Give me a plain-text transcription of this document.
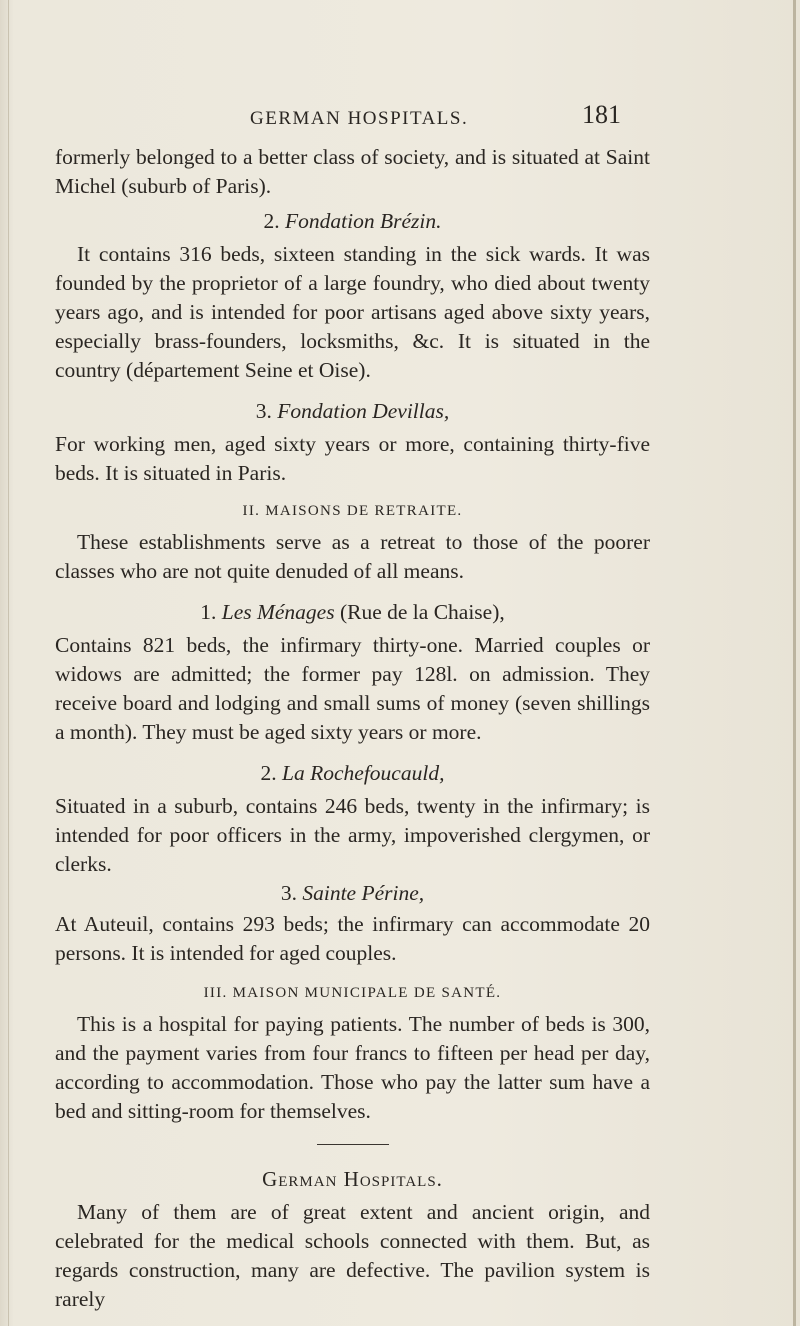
GERMAN HOSPITALS.	181

formerly belonged to a better class of society, and is situated at Saint Michel (suburb of Paris).

2. Fondation Brézin.

It contains 316 beds, sixteen standing in the sick wards. It was founded by the proprietor of a large foundry, who died about twenty years ago, and is intended for poor artisans aged above sixty years, especially brass-founders, locksmiths, &c. It is situated in the country (département Seine et Oise).

3. Fondation Devillas,

For working men, aged sixty years or more, containing thirty-five beds. It is situated in Paris.

II. MAISONS DE RETRAITE.

These establishments serve as a retreat to those of the poorer classes who are not quite denuded of all means.

1. Les Ménages (Rue de la Chaise),

Contains 821 beds, the infirmary thirty-one. Married couples or widows are admitted; the former pay 128l. on admission. They receive board and lodging and small sums of money (seven shillings a month). They must be aged sixty years or more.

2. La Rochefoucauld,

Situated in a suburb, contains 246 beds, twenty in the infirmary; is intended for poor officers in the army, impoverished clergymen, or clerks.

3. Sainte Périne,

At Auteuil, contains 293 beds; the infirmary can accommodate 20 persons. It is intended for aged couples.

III. MAISON MUNICIPALE DE SANTÉ.

This is a hospital for paying patients. The number of beds is 300, and the payment varies from four francs to fifteen per head per day, according to accommodation. Those who pay the latter sum have a bed and sitting-room for themselves.

German Hospitals.

Many of them are of great extent and ancient origin, and celebrated for the medical schools connected with them. But, as regards construction, many are defective. The pavilion system is rarely
